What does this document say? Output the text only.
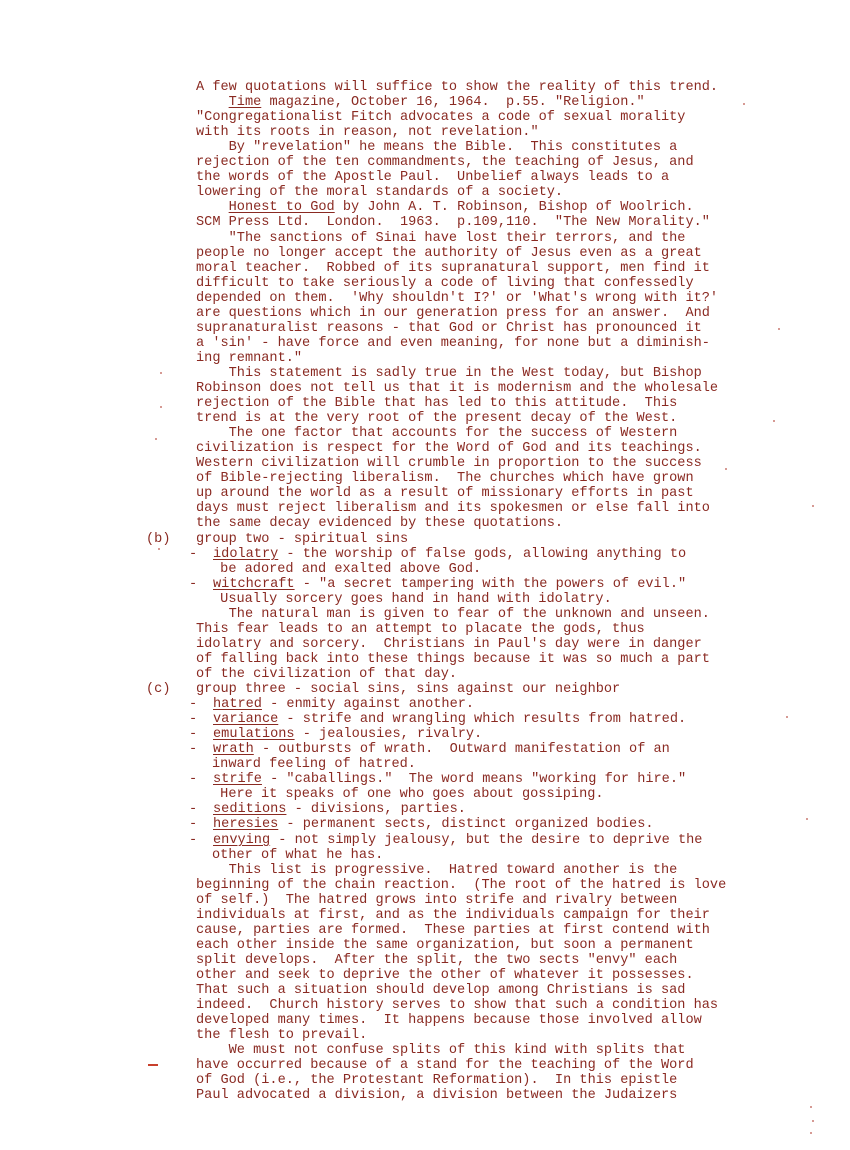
A few quotations will suffice to show the reality of this trend.
Time magazine, October 16, 1964.  p.55. "Religion."
"Congregationalist Fitch advocates a code of sexual morality
with its roots in reason, not revelation."
By "revelation" he means the Bible.  This constitutes a
rejection of the ten commandments, the teaching of Jesus, and
the words of the Apostle Paul.  Unbelief always leads to a
lowering of the moral standards of a society.
Honest to God by John A. T. Robinson, Bishop of Woolrich.
SCM Press Ltd.  London.  1963.  p.109,110.  "The New Morality."
"The sanctions of Sinai have lost their terrors, and the
people no longer accept the authority of Jesus even as a great
moral teacher.  Robbed of its supranatural support, men find it
difficult to take seriously a code of living that confessedly
depended on them.  'Why shouldn't I?' or 'What's wrong with it?'
are questions which in our generation press for an answer.  And
supranaturalist reasons - that God or Christ has pronounced it
a 'sin' - have force and even meaning, for none but a diminish-
ing remnant."
This statement is sadly true in the West today, but Bishop
Robinson does not tell us that it is modernism and the wholesale
rejection of the Bible that has led to this attitude.  This
trend is at the very root of the present decay of the West.
The one factor that accounts for the success of Western
civilization is respect for the Word of God and its teachings.
Western civilization will crumble in proportion to the success
of Bible-rejecting liberalism.  The churches which have grown
up around the world as a result of missionary efforts in past
days must reject liberalism and its spokesmen or else fall into
the same decay evidenced by these quotations.
(b) group two - spiritual sins
- idolatry - the worship of false gods, allowing anything to
be adored and exalted above God.
- witchcraft - "a secret tampering with the powers of evil."
Usually sorcery goes hand in hand with idolatry.
The natural man is given to fear of the unknown and unseen.
This fear leads to an attempt to placate the gods, thus
idolatry and sorcery.  Christians in Paul's day were in danger
of falling back into these things because it was so much a part
of the civilization of that day.
(c) group three - social sins, sins against our neighbor
- hatred - enmity against another.
- variance - strife and wrangling which results from hatred.
- emulations - jealousies, rivalry.
- wrath - outbursts of wrath.  Outward manifestation of an
inward feeling of hatred.
- strife - "caballings."  The word means "working for hire."
Here it speaks of one who goes about gossiping.
- seditions - divisions, parties.
- heresies - permanent sects, distinct organized bodies.
- envying - not simply jealousy, but the desire to deprive the
other of what he has.
This list is progressive.  Hatred toward another is the
beginning of the chain reaction.  (The root of the hatred is love
of self.)  The hatred grows into strife and rivalry between
individuals at first, and as the individuals campaign for their
cause, parties are formed.  These parties at first contend with
each other inside the same organization, but soon a permanent
split develops.  After the split, the two sects "envy" each
other and seek to deprive the other of whatever it possesses.
That such a situation should develop among Christians is sad
indeed.  Church history serves to show that such a condition has
developed many times.  It happens because those involved allow
the flesh to prevail.
We must not confuse splits of this kind with splits that
have occurred because of a stand for the teaching of the Word
of God (i.e., the Protestant Reformation).  In this epistle
Paul advocated a division, a division between the Judaizers
